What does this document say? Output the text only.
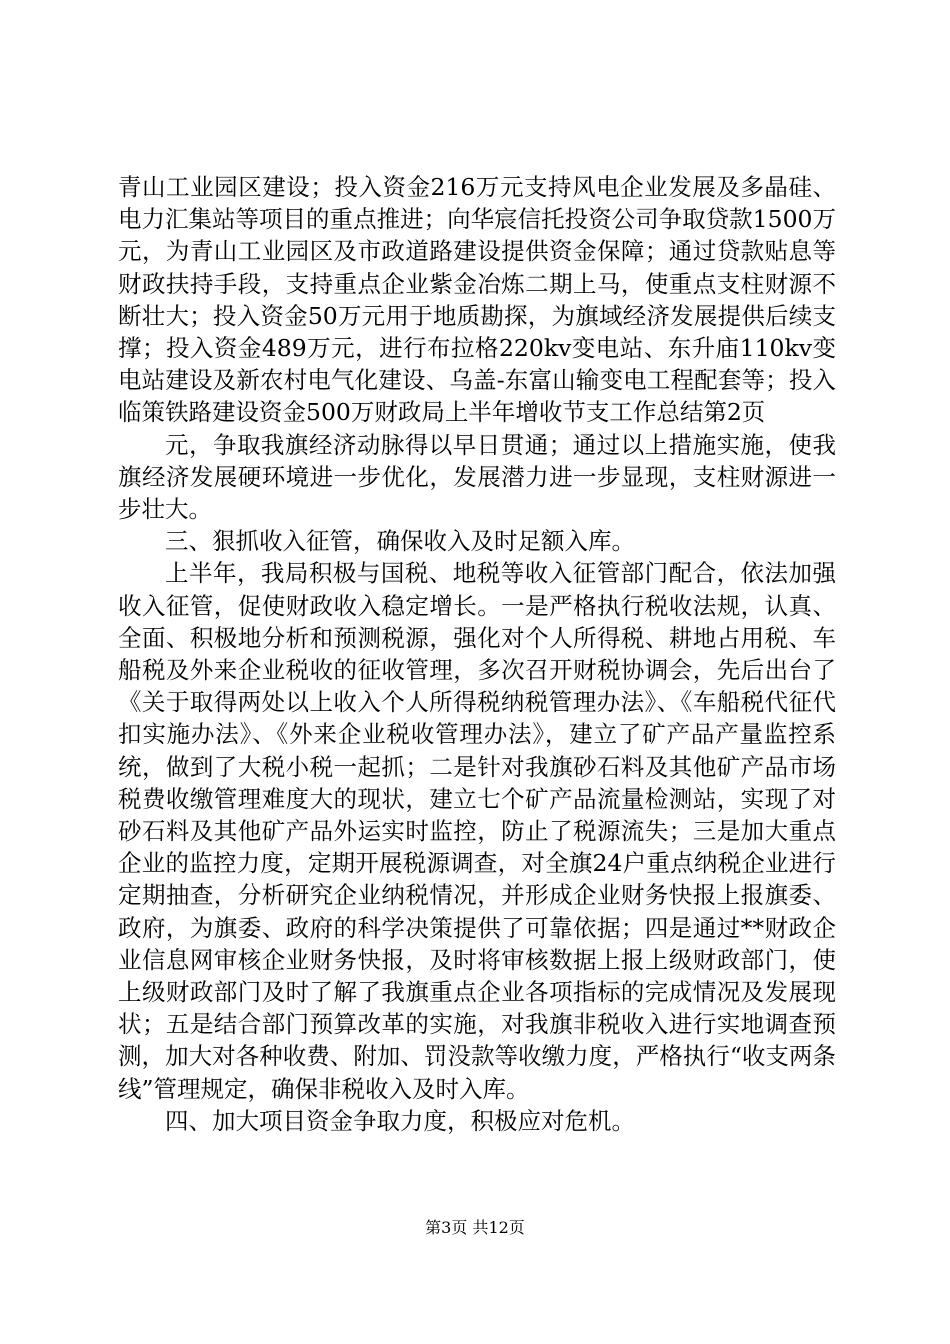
青山工业园区建设；投入资金216万元支持风电企业发展及多晶硅、电力汇集站等项目的重点推进；向华宸信托投资公司争取贷款1500万元，为青山工业园区及市政道路建设提供资金保障；通过贷款贴息等财政扶持手段，支持重点企业紫金冶炼二期上马，使重点支柱财源不断壮大；投入资金50万元用于地质勘探，为旗域经济发展提供后续支撑；投入资金489万元，进行布拉格220kv变电站、东升庙110kv变电站建设及新农村电气化建设、乌盖-东富山输变电工程配套等；投入临策铁路建设资金500万财政局上半年增收节支工作总结第2页

元，争取我旗经济动脉得以早日贯通；通过以上措施实施，使我旗经济发展硬环境进一步优化，发展潜力进一步显现，支柱财源进一步壮大。

三、狠抓收入征管，确保收入及时足额入库。

上半年，我局积极与国税、地税等收入征管部门配合，依法加强收入征管，促使财政收入稳定增长。一是严格执行税收法规，认真、全面、积极地分析和预测税源，强化对个人所得税、耕地占用税、车船税及外来企业税收的征收管理，多次召开财税协调会，先后出台了《关于取得两处以上收入个人所得税纳税管理办法》、《车船税代征代扣实施办法》、《外来企业税收管理办法》，建立了矿产品产量监控系统，做到了大税小税一起抓；二是针对我旗砂石料及其他矿产品市场税费收缴管理难度大的现状，建立七个矿产品流量检测站，实现了对砂石料及其他矿产品外运实时监控，防止了税源流失；三是加大重点企业的监控力度，定期开展税源调查，对全旗24户重点纳税企业进行定期抽查，分析研究企业纳税情况，并形成企业财务快报上报旗委、政府，为旗委、政府的科学决策提供了可靠依据；四是通过**财政企业信息网审核企业财务快报，及时将审核数据上报上级财政部门，使上级财政部门及时了解了我旗重点企业各项指标的完成情况及发展现状；五是结合部门预算改革的实施，对我旗非税收入进行实地调查预测，加大对各种收费、附加、罚没款等收缴力度，严格执行“收支两条线”管理规定，确保非税收入及时入库。

四、加大项目资金争取力度，积极应对危机。

第3页 共12页
